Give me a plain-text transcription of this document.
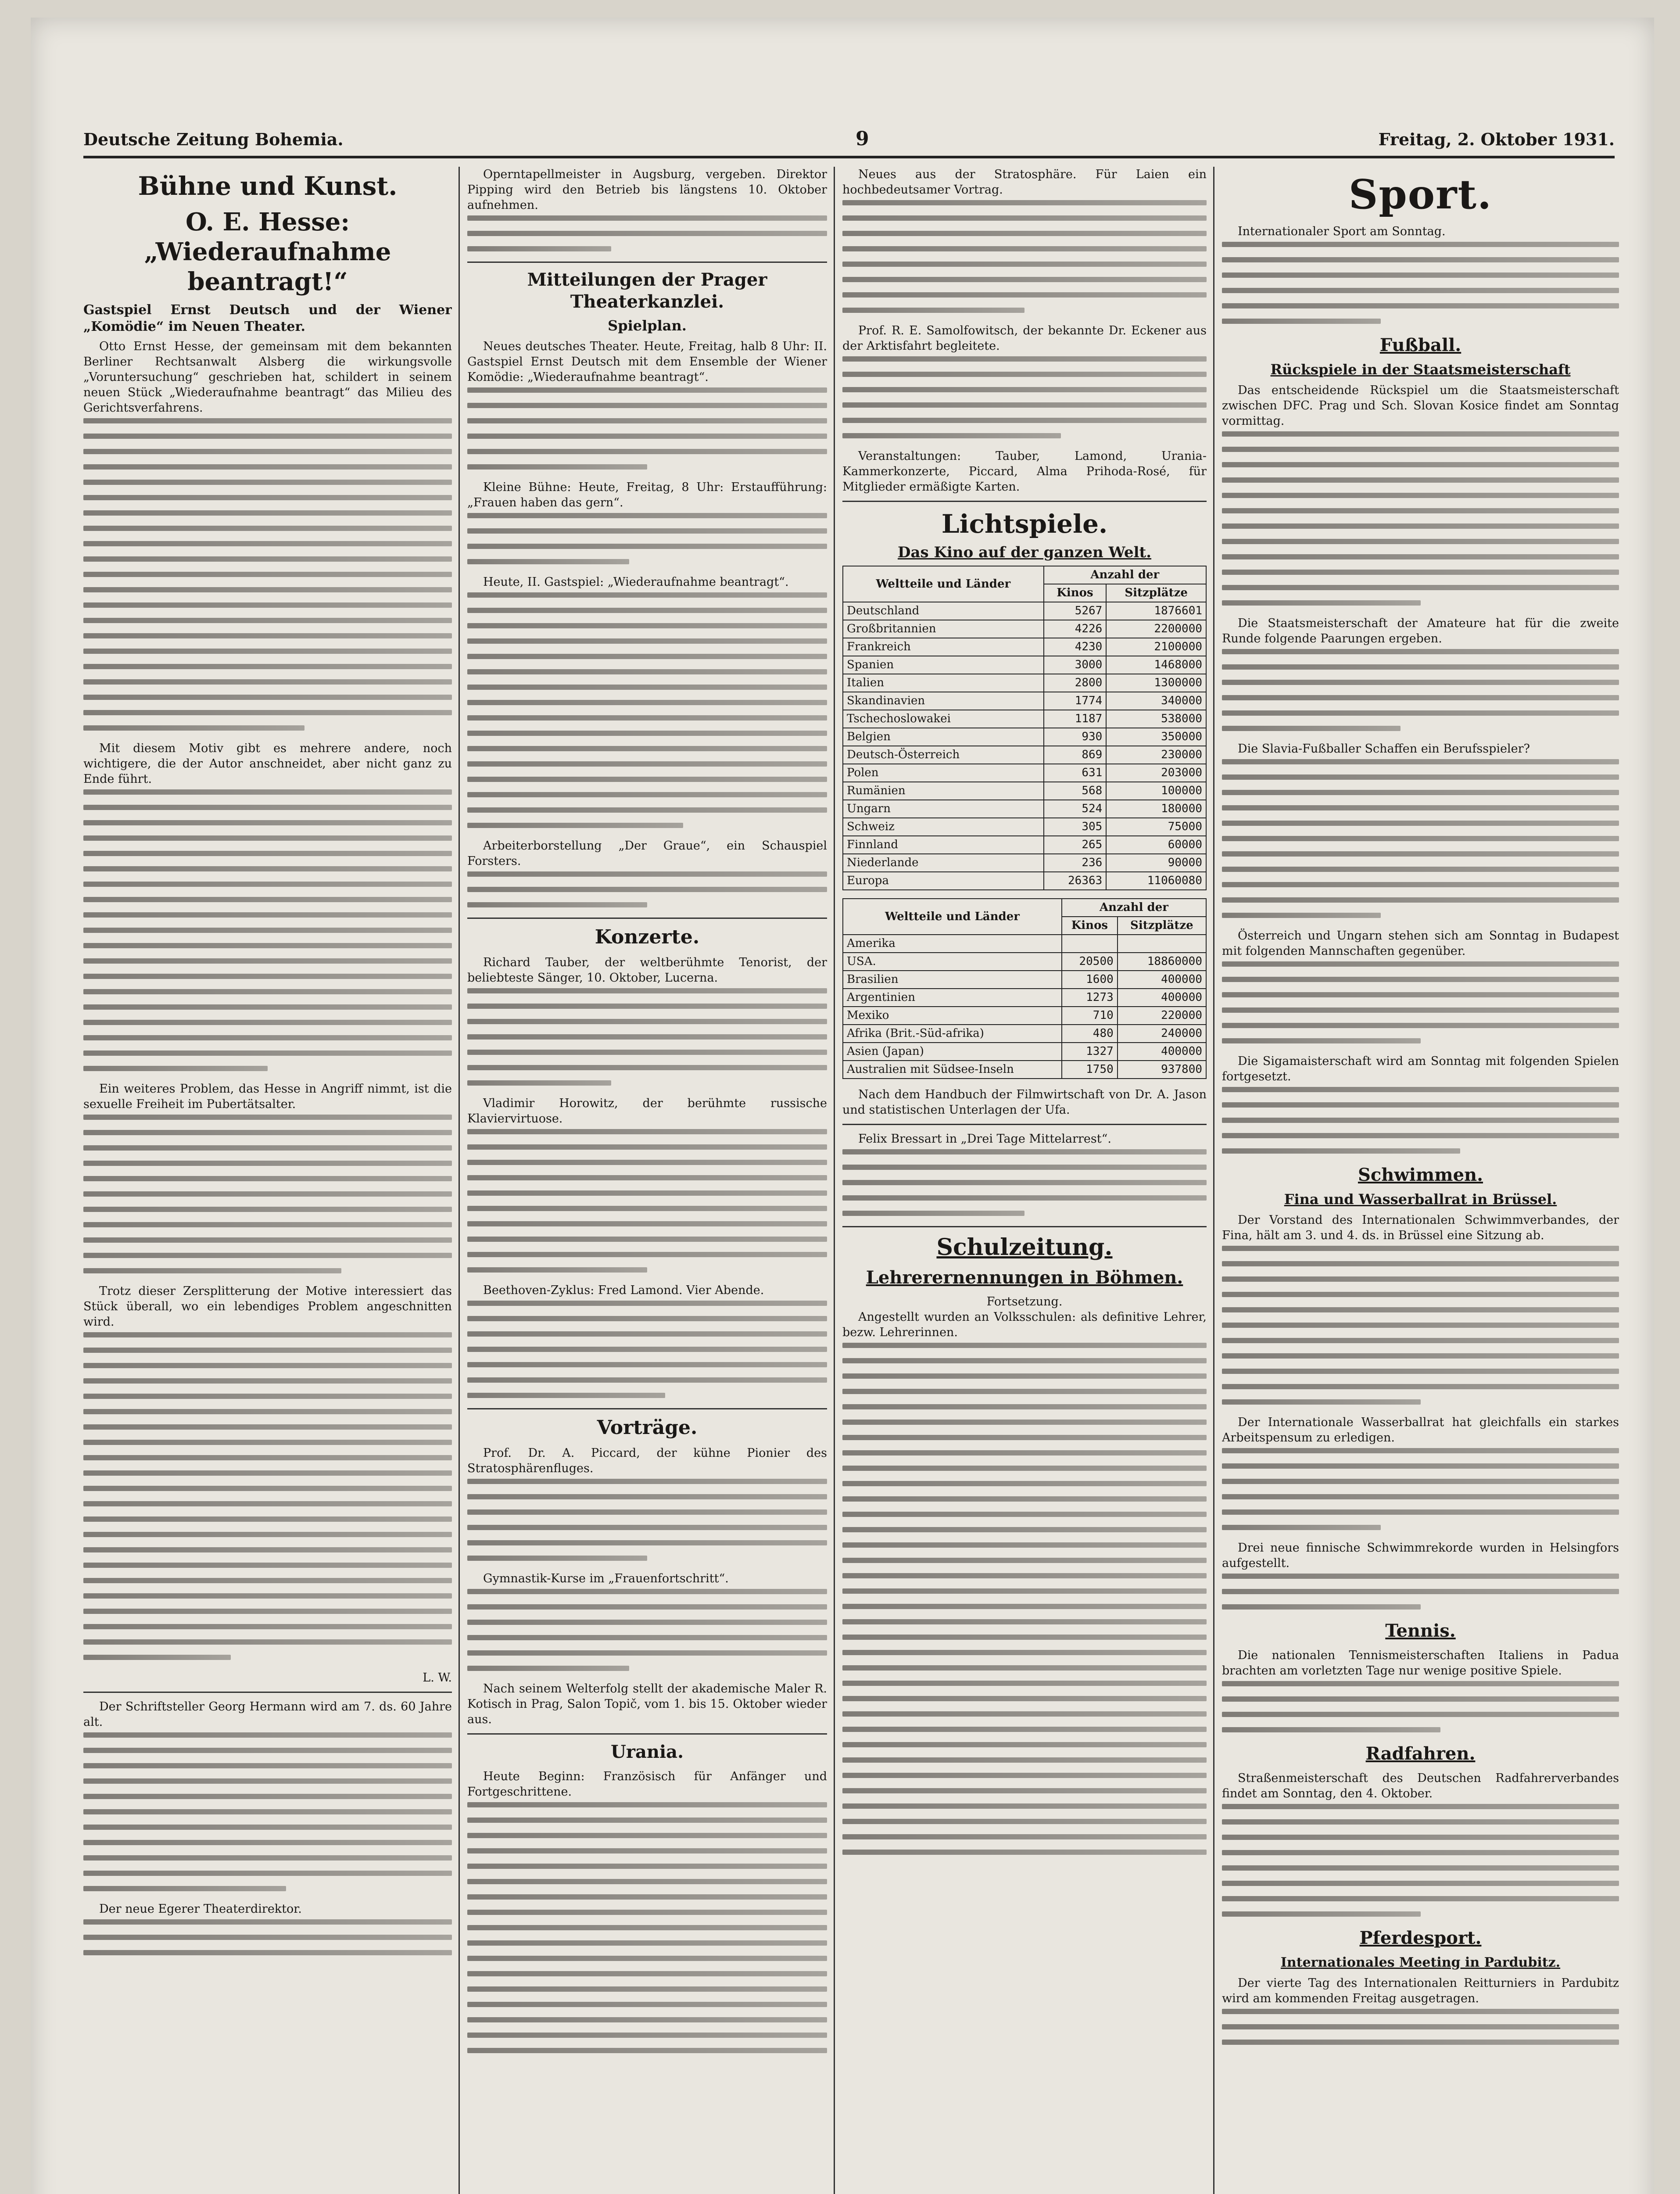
Deutsche Zeitung Bohemia.	9	Freitag, 2. Oktober 1931.
Bühne und Kunst.
O. E. Hesse: „Wiederaufnahme beantragt!“
Gastspiel Ernst Deutsch und der Wiener „Komödie“ im Neuen Theater.

Otto Ernst Hesse, der gemeinsam mit dem bekannten Berliner Rechtsanwalt Alsberg die wirkungsvolle „Voruntersuchung“ geschrieben hat, schildert in seinem neuen Stück „Wiederaufnahme beantragt“ das Milieu des Gerichtsverfahrens.

Mit diesem Motiv gibt es mehrere andere, noch wichtigere, die der Autor anschneidet, aber nicht ganz zu Ende führt.

Ein weiteres Problem, das Hesse in Angriff nimmt, ist die sexuelle Freiheit im Pubertätsalter.

Trotz dieser Zersplitterung der Motive interessiert das Stück überall, wo ein lebendiges Problem angeschnitten wird.

L. W.

Der Schriftsteller Georg Hermann wird am 7. ds. 60 Jahre alt.

Der neue Egerer Theaterdirektor.

Operntapellmeister in Augsburg, vergeben. Direktor Pipping wird den Betrieb bis längstens 10. Oktober aufnehmen.

Mitteilungen der Prager Theaterkanzlei.
Spielplan.

Neues deutsches Theater. Heute, Freitag, halb 8 Uhr: II. Gastspiel Ernst Deutsch mit dem Ensemble der Wiener Komödie: „Wiederaufnahme beantragt“.

Kleine Bühne: Heute, Freitag, 8 Uhr: Erstaufführung: „Frauen haben das gern“.

Heute, II. Gastspiel: „Wiederaufnahme beantragt“.

Arbeiterborstellung „Der Graue“, ein Schauspiel Forsters.

Konzerte.

Richard Tauber, der weltberühmte Tenorist, der beliebteste Sänger, 10. Oktober, Lucerna.

Vladimir Horowitz, der berühmte russische Klaviervirtuose.

Beethoven-Zyklus: Fred Lamond. Vier Abende.

Vorträge.

Prof. Dr. A. Piccard, der kühne Pionier des Stratosphärenfluges.

Gymnastik-Kurse im „Frauenfortschritt“.

Nach seinem Welterfolg stellt der akademische Maler R. Kotisch in Prag, Salon Topič, vom 1. bis 15. Oktober wieder aus.

Urania.

Heute Beginn: Französisch für Anfänger und Fortgeschrittene.

Neues aus der Stratosphäre. Für Laien ein hochbedeutsamer Vortrag.

Prof. R. E. Samolfowitsch, der bekannte Dr. Eckener aus der Arktisfahrt begleitete.

Veranstaltungen: Tauber, Lamond, Urania-Kammerkonzerte, Piccard, Alma Prihoda-Rosé, für Mitglieder ermäßigte Karten.

Lichtspiele.
Das Kino auf der ganzen Welt.
Weltteile und Länder	Anzahl der	
	Kinos	Sitzplätze
Deutschland	5267	1876601
Großbritannien	4226	2200000
Frankreich	4230	2100000
Spanien	3000	1468000
Italien	2800	1300000
Skandinavien	1774	340000
Tschechoslowakei	1187	538000
Belgien	930	350000
Deutsch-Österreich	869	230000
Polen	631	203000
Rumänien	568	100000
Ungarn	524	180000
Schweiz	305	75000
Finnland	265	60000
Niederlande	236	90000
Europa	26363	11060080
Weltteile und Länder	Anzahl der	
	Kinos	Sitzplätze
Amerika		
USA.	20500	18860000
Brasilien	1600	400000
Argentinien	1273	400000
Mexiko	710	220000
Afrika (Brit.-Süd-afrika)	480	240000
Asien (Japan)	1327	400000
Australien mit Südsee-Inseln	1750	937800

Nach dem Handbuch der Filmwirtschaft von Dr. A. Jason und statistischen Unterlagen der Ufa.

Felix Bressart in „Drei Tage Mittelarrest“.

Schulzeitung.
Lehrerernennungen in Böhmen.
Fortsetzung.

Angestellt wurden an Volksschulen: als definitive Lehrer, bezw. Lehrerinnen.

Sport.

Internationaler Sport am Sonntag.

Fußball.
Rückspiele in der Staatsmeisterschaft

Das entscheidende Rückspiel um die Staatsmeisterschaft zwischen DFC. Prag und Sch. Slovan Kosice findet am Sonntag vormittag.

Die Staatsmeisterschaft der Amateure hat für die zweite Runde folgende Paarungen ergeben.

Die Slavia-Fußballer Schaffen ein Berufsspieler?

Österreich und Ungarn stehen sich am Sonntag in Budapest mit folgenden Mannschaften gegenüber.

Die Sigamaisterschaft wird am Sonntag mit folgenden Spielen fortgesetzt.

Schwimmen.
Fina und Wasserballrat in Brüssel.

Der Vorstand des Internationalen Schwimmverbandes, der Fina, hält am 3. und 4. ds. in Brüssel eine Sitzung ab.

Der Internationale Wasserballrat hat gleichfalls ein starkes Arbeitspensum zu erledigen.

Drei neue finnische Schwimmrekorde wurden in Helsingfors aufgestellt.

Tennis.

Die nationalen Tennismeisterschaften Italiens in Padua brachten am vorletzten Tage nur wenige positive Spiele.

Radfahren.

Straßenmeisterschaft des Deutschen Radfahrerverbandes findet am Sonntag, den 4. Oktober.

Pferdesport.
Internationales Meeting in Pardubitz.

Der vierte Tag des Internationalen Reitturniers in Pardubitz wird am kommenden Freitag ausgetragen.
